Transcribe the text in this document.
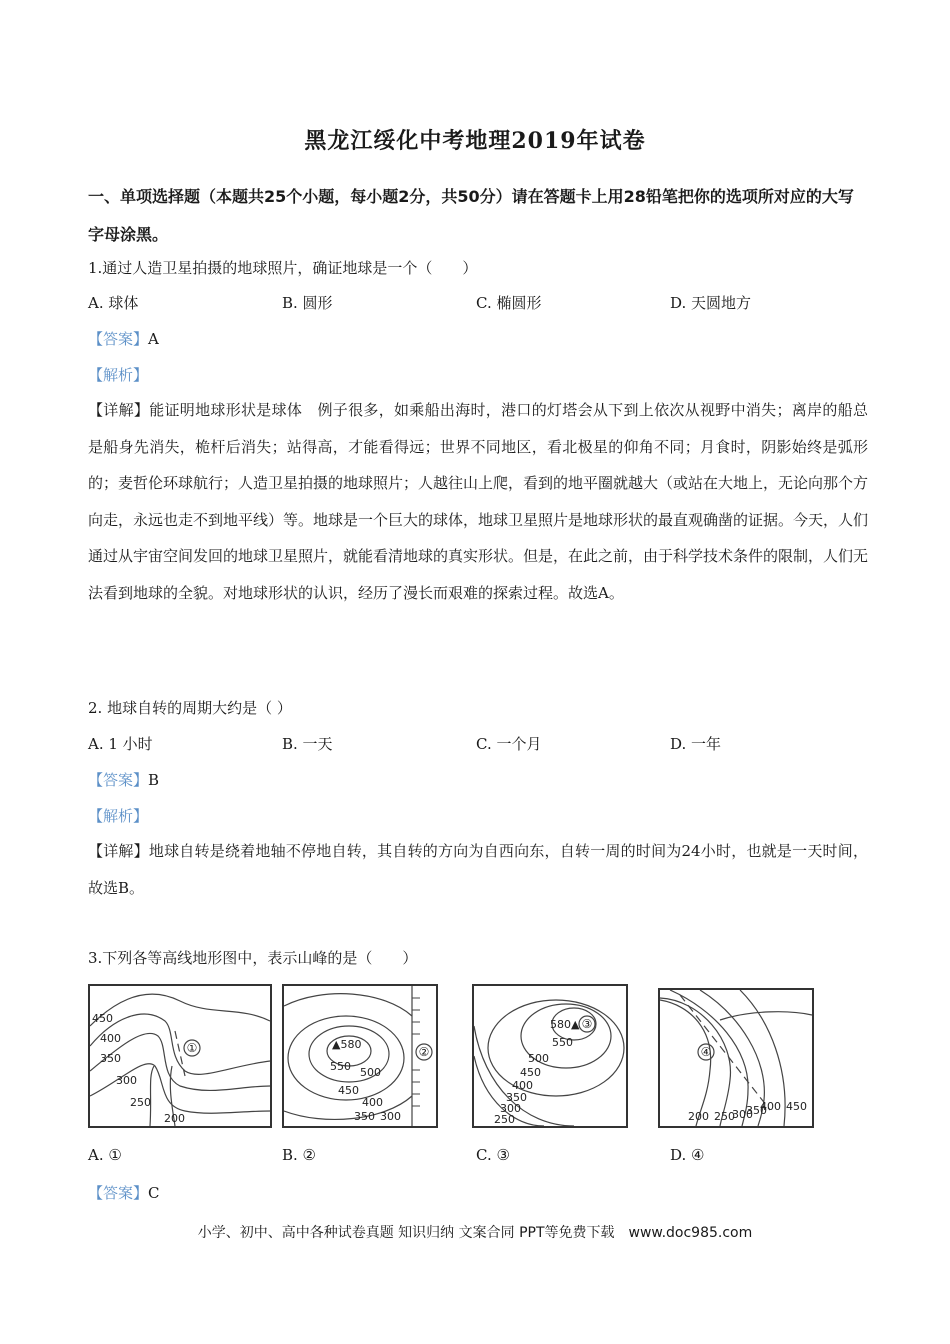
黑龙江绥化中考地理2019年试卷
一、单项选择题（本题共25个小题，每小题2分，共50分）请在答题卡上用28铅笔把你的选项所对应的大写字母涂黑。
1.通过人造卫星拍摄的地球照片，确证地球是一个（　　）
A. 球体	B. 圆形	C. 椭圆形	D. 天圆地方
【答案】A
【解析】
【详解】能证明地球形状是球体　例子很多，如乘船出海时，港口的灯塔会从下到上依次从视野中消失；离岸的船总是船身先消失，桅杆后消失；站得高，才能看得远；世界不同地区，看北极星的仰角不同；月食时，阴影始终是弧形的；麦哲伦环球航行；人造卫星拍摄的地球照片；人越往山上爬，看到的地平圈就越大（或站在大地上，无论向那个方向走，永远也走不到地平线）等。地球是一个巨大的球体，地球卫星照片是地球形状的最直观确凿的证据。今天，人们通过从宇宙空间发回的地球卫星照片，就能看清地球的真实形状。但是，在此之前，由于科学技术条件的限制，人们无法看到地球的全貌。对地球形状的认识，经历了漫长而艰难的探索过程。故选A。
2. 地球自转的周期大约是（ ）
A. 1 小时	B. 一天	C. 一个月	D. 一年
【答案】B
【解析】
【详解】地球自转是绕着地轴不停地自转，其自转的方向为自西向东，自转一周的时间为24小时，也就是一天时间，故选B。
3.下列各等高线地形图中，表示山峰的是（　　）
①
450
400
350
300
250
200
②
▲580
550 500
450
400
350 300
③
580▲
550
500
450
400
350
300
250
④
200 250
300
350
400 450
A. ①	B. ②	C. ③	D. ④
【答案】C
小学、初中、高中各种试卷真题 知识归纳 文案合同 PPT等免费下载　www.doc985.com
